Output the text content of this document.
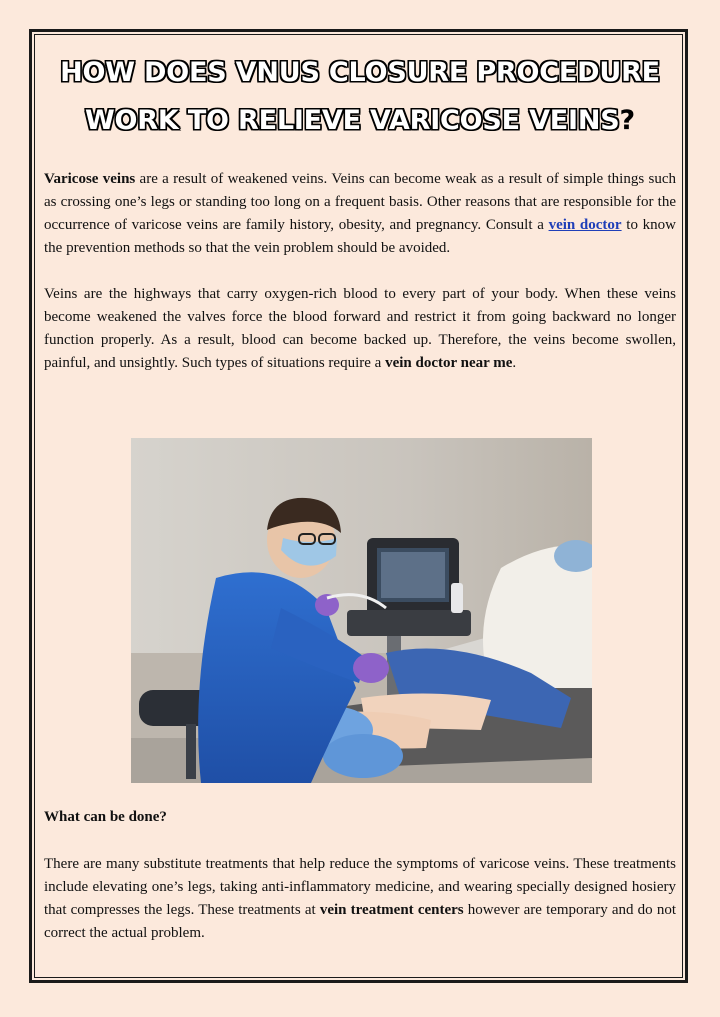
HOW DOES VNUS CLOSURE PROCEDURE
WORK TO RELIEVE VARICOSE VEINS?

Varicose veins are a result of weakened veins. Veins can become weak as a result of simple things such as crossing one’s legs or standing too long on a frequent basis. Other reasons that are responsible for the occurrence of varicose veins are family history, obesity, and pregnancy. Consult a vein doctor to know the prevention methods so that the vein problem should be avoided.

Veins are the highways that carry oxygen-rich blood to every part of your body. When these veins become weakened the valves force the blood forward and restrict it from going backward no longer function properly. As a result, blood can become backed up. Therefore, the veins become swollen, painful, and unsightly. Such types of situations require a vein doctor near me.

What can be done?

There are many substitute treatments that help reduce the symptoms of varicose veins. These treatments include elevating one’s legs, taking anti-inflammatory medicine, and wearing specially designed hosiery that compresses the legs. These treatments at vein treatment centers however are temporary and do not correct the actual problem.
